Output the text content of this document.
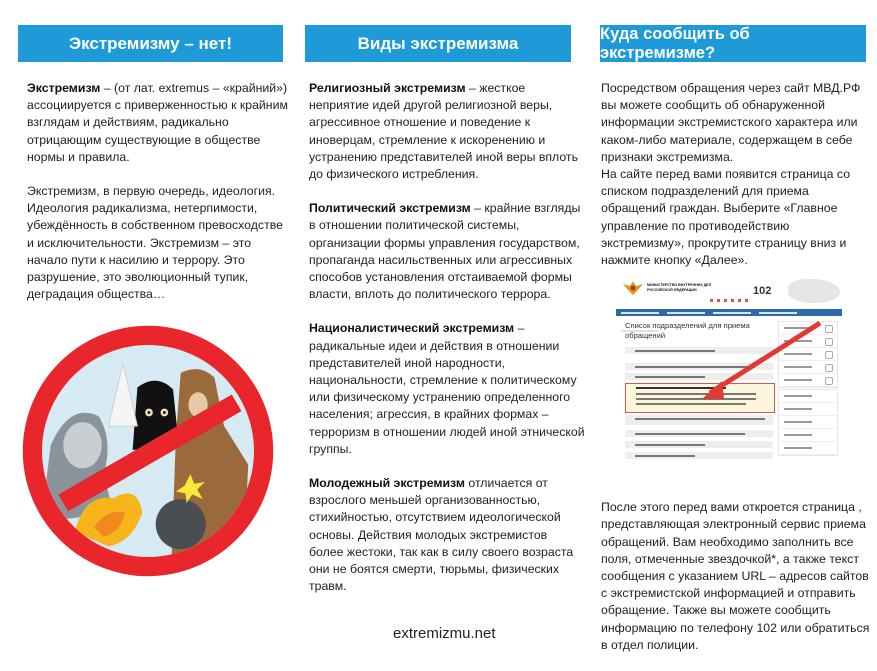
Экстремизму – нет!

Экстремизм – (от лат. extremus – «крайний») ассоциируется с приверженностью к крайним взглядам и действиям, радикально отрицающим существующие в обществе нормы и правила.

Экстремизм, в первую очередь, идеология. Идеология радикализма, нетерпимости, убеждённость в собственном превосходстве и исключительности. Экстремизм – это начало пути к насилию и террору. Это разрушение, это эволюционный тупик, деградация общества…

Виды экстремизма

Религиозный экстремизм – жесткое неприятие идей другой религиозной веры, агрессивное отношение и поведение к иноверцам, стремление к искоренению и устранению представителей иной веры вплоть до физического истребления.

Политический экстремизм – крайние взгляды в отношении политической системы, организации формы управления государством, пропаганда насильственных или агрессивных способов установления отстаиваемой формы власти, вплоть до политического террора.

Националистический экстремизм – радикальные идеи и действия в отношении представителей иной народности, национальности, стремление к политическому или физическому устранению определенного населения; агрессия, в крайних формах – терроризм в отношении людей иной этнической группы.

Молодежный экстремизм отличается от взрослого меньшей организованностью, стихийностью, отсутствием идеологической основы. Действия молодых экстремистов более жестоки, так как в силу своего возраста они не боятся смерти, тюрьмы, физических травм.

extremizmu.net
Куда сообщить об экстремизме?

Посредством обращения через сайт МВД.РФ вы можете сообщить об обнаруженной информации экстремистского характера или каком-либо материале, содержащем в себе признаки экстремизма.
На сайте перед вами появится страница со списком подразделений для приема обращений граждан. Выберите «Главное управление по противодействию экстремизму», прокрутите страницу вниз и нажмите кнопку «Далее».

МИНИСТЕРСТВО ВНУТРЕННИХ ДЕЛ РОССИЙСКОЙ ФЕДЕРАЦИИ	102
Список подразделений для приема обращений

После этого перед вами откроется страница , представляющая электронный сервис приема обращений. Вам необходимо заполнить все поля, отмеченные звездочкой*, а также текст сообщения с указанием URL – адресов сайтов с экстремистской информацией и отправить обращение. Также вы можете сообщить информацию по телефону 102 или обратиться в отдел полиции.
